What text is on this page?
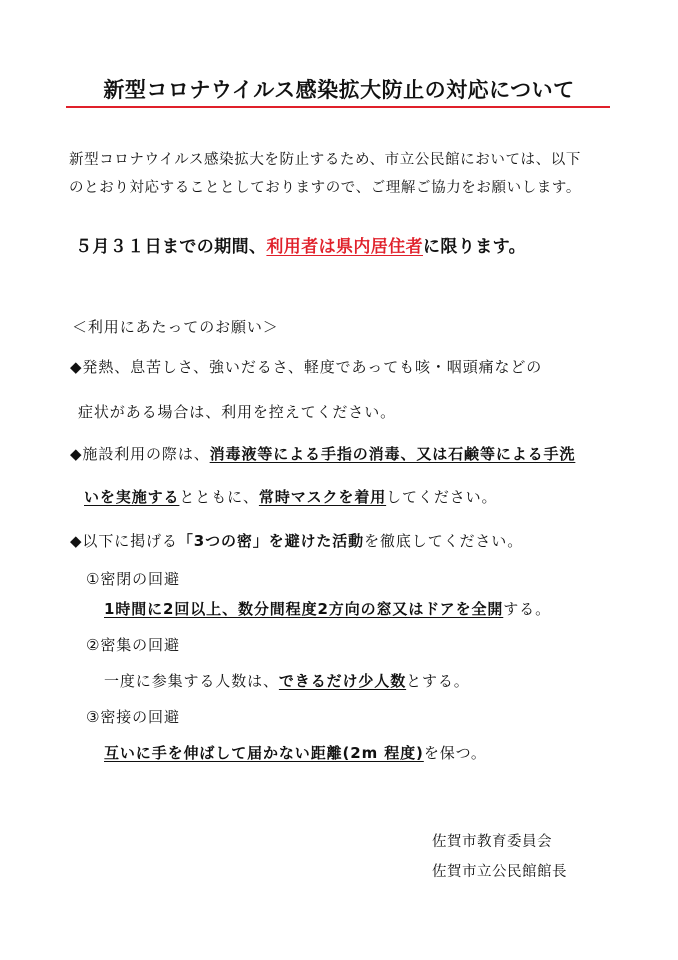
新型コロナウイルス感染拡大防止の対応について
新型コロナウイルス感染拡大を防止するため、市立公民館においては、以下
のとおり対応することとしておりますので、ご理解ご協力をお願いします。
５月３１日までの期間、利用者は県内居住者に限ります。
＜利用にあたってのお願い＞
◆発熱、息苦しさ、強いだるさ、軽度であっても咳・咽頭痛などの
症状がある場合は、利用を控えてください。
◆施設利用の際は、消毒液等による手指の消毒、又は石鹸等による手洗
いを実施するとともに、常時マスクを着用してください。
◆以下に掲げる「3つの密」を避けた活動を徹底してください。
①密閉の回避
1時間に2回以上、数分間程度2方向の窓又はドアを全開する。
②密集の回避
一度に参集する人数は、できるだけ少人数とする。
③密接の回避
互いに手を伸ばして届かない距離(2m 程度)を保つ。
佐賀市教育委員会
佐賀市立公民館館長
